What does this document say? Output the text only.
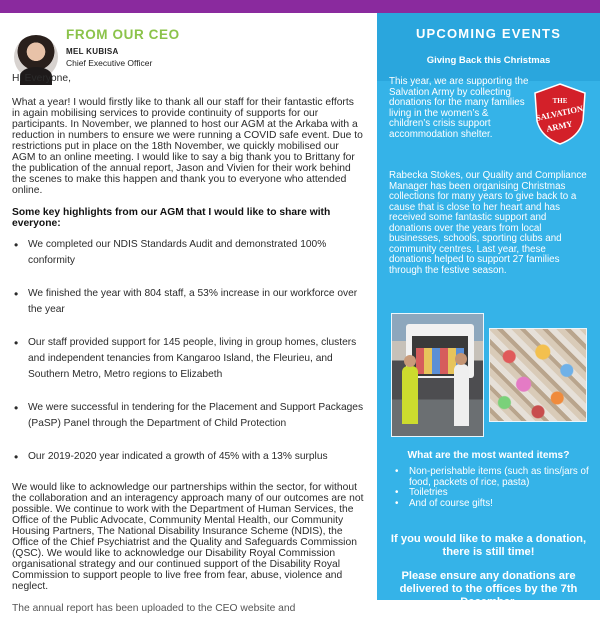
FROM OUR CEO
MEL KUBISA
Chief Executive Officer

Hi Everyone,

What a year! I would firstly like to thank all our staff for their fantastic efforts in again mobilising services to provide continuity of supports for our participants. In November, we planned to host our AGM at the Arkaba with a reduction in numbers to ensure we were running a COVID safe event. Due to restrictions put in place on the 18th November, we quickly mobilised our AGM to an online meeting. I would like to say a big thank you to Brittany for the publication of the annual report, Jason and Vivien for their work behind the scenes to make this happen and thank you to everyone who attended online.

Some key highlights from our AGM that I would like to share with everyone:

• We completed our NDIS Standards Audit and demonstrated 100% conformity
• We finished the year with 804 staff, a 53% increase in our workforce over the year
• Our staff provided support for 145 people, living in group homes, clusters and independent tenancies from Kangaroo Island, the Fleurieu, and Southern Metro, Metro regions to Elizabeth
• We were successful in tendering for the Placement and Support Packages (PaSP) Panel through the Department of Child Protection
• Our 2019-2020 year indicated a growth of 45% with a 13% surplus

We would like to acknowledge our partnerships within the sector, for without the collaboration and an interagency approach many of our outcomes are not possible. We continue to work with the Department of Human Services, the Office of the Public Advocate, Community Mental Health, our Community Housing Partners, The National Disability Insurance Scheme (NDIS), the Office of the Chief Psychiatrist and the Quality and Safeguards Commission (QSC). We would like to acknowledge our Disability Royal Commission organisational strategy and our continued support of the Disability Royal Commission to support people to live free from fear, abuse, violence and neglect.

The annual report has been uploaded to the CEO website and

UPCOMING EVENTS
Giving Back this Christmas
This year, we are supporting the Salvation Army by collecting donations for the many families living in the women’s & children’s crisis support accommodation shelter.
THE
SALVATION
ARMY
Rabecka Stokes, our Quality and Compliance Manager has been organising Christmas collections for many years to give back to a cause that is close to her heart and has received some fantastic support and donations over the years from local businesses, schools, sporting clubs and community centres. Last year, these donations helped to support 27 families through the festive season.
What are the most wanted items?
• Non-perishable items (such as tins/jars of food, packets of rice, pasta)
• Toiletries
• And of course gifts!
If you would like to make a donation, there is still time!
Please ensure any donations are delivered to the offices by the 7th December.
